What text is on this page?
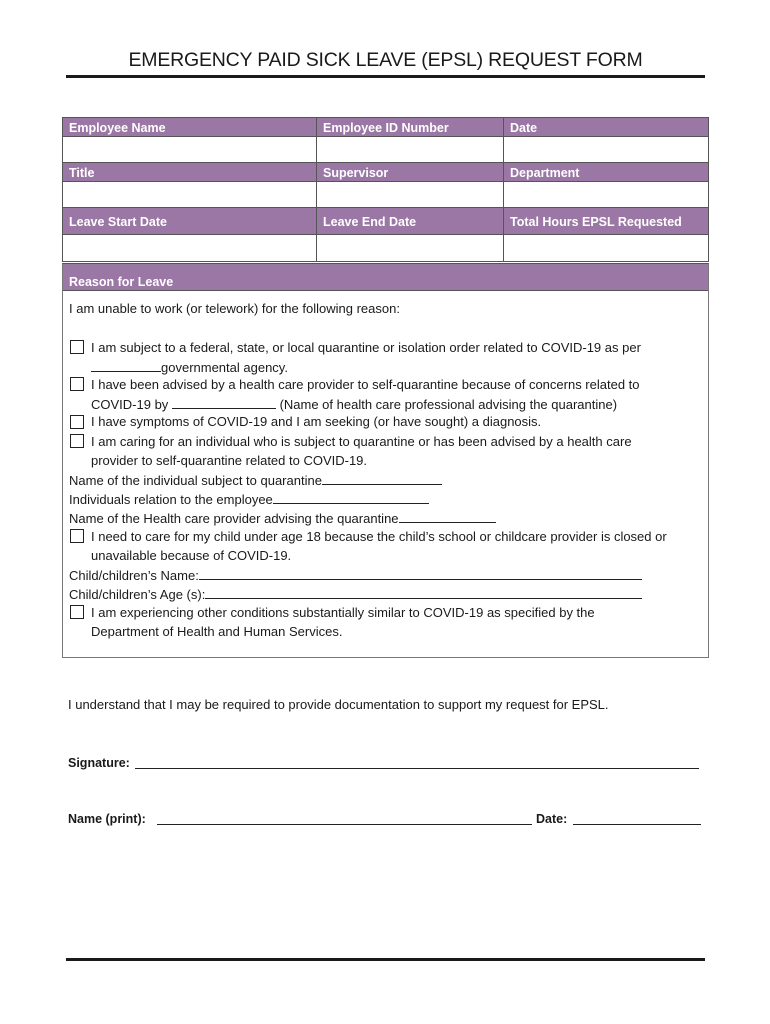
EMERGENCY PAID SICK LEAVE (EPSL) REQUEST FORM
Employee Name	Employee ID Number	Date
Title	Supervisor	Department
Leave Start Date	Leave End Date	Total Hours EPSL Requested
Reason for Leave
I am unable to work (or telework) for the following reason:
I am subject to a federal, state, or local quarantine or isolation order related to COVID-19 as per
governmental agency.
I have been advised by a health care provider to self-quarantine because of concerns related to
COVID-19 by	(Name of health care professional advising the quarantine)
I have symptoms of COVID-19 and I am seeking (or have sought) a diagnosis.
I am caring for an individual who is subject to quarantine or has been advised by a health care
provider to self-quarantine related to COVID-19.
Name of the individual subject to quarantine
Individuals relation to the employee
Name of the Health care provider advising the quarantine
I need to care for my child under age 18 because the child’s school or childcare provider is closed or
unavailable because of COVID-19.
Child/children’s Name:
Child/children’s Age (s):
I am experiencing other conditions substantially similar to COVID-19 as specified by the
Department of Health and Human Services.
I understand that I may be required to provide documentation to support my request for EPSL.
Signature:
Name (print):	Date:
